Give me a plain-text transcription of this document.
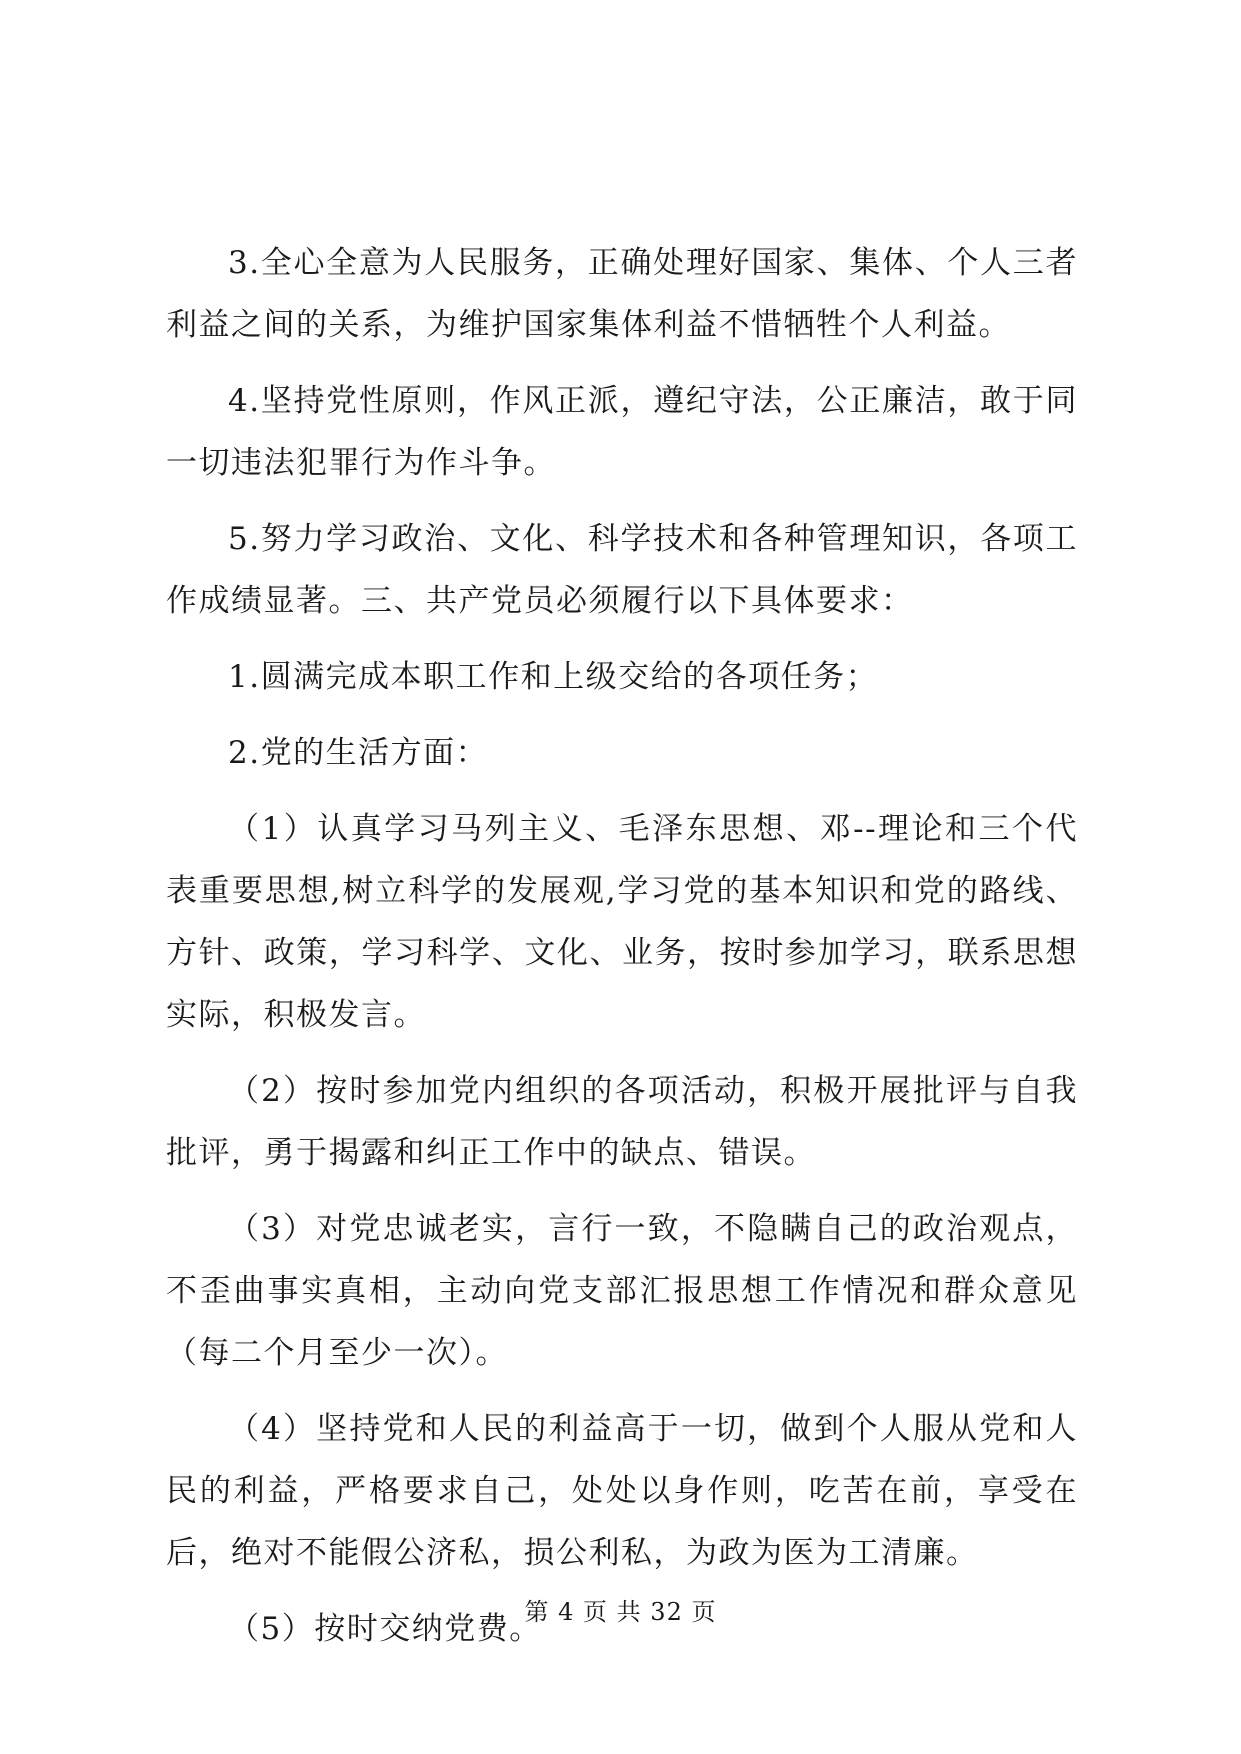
3.全心全意为人民服务，正确处理好国家、集体、个人三者利益之间的关系，为维护国家集体利益不惜牺牲个人利益。

4.坚持党性原则，作风正派，遵纪守法，公正廉洁，敢于同一切违法犯罪行为作斗争。

5.努力学习政治、文化、科学技术和各种管理知识，各项工作成绩显著。三、共产党员必须履行以下具体要求：

1.圆满完成本职工作和上级交给的各项任务；

2.党的生活方面：

（1）认真学习马列主义、毛泽东思想、邓--理论和三个代表重要思想,树立科学的发展观,学习党的基本知识和党的路线、方针、政策，学习科学、文化、业务，按时参加学习，联系思想实际，积极发言。

（2）按时参加党内组织的各项活动，积极开展批评与自我批评，勇于揭露和纠正工作中的缺点、错误。

（3）对党忠诚老实，言行一致，不隐瞒自己的政治观点，不歪曲事实真相，主动向党支部汇报思想工作情况和群众意见（每二个月至少一次）。

（4）坚持党和人民的利益高于一切，做到个人服从党和人民的利益，严格要求自己，处处以身作则，吃苦在前，享受在后，绝对不能假公济私，损公利私，为政为医为工清廉。

（5）按时交纳党费。

第 4 页 共 32 页
